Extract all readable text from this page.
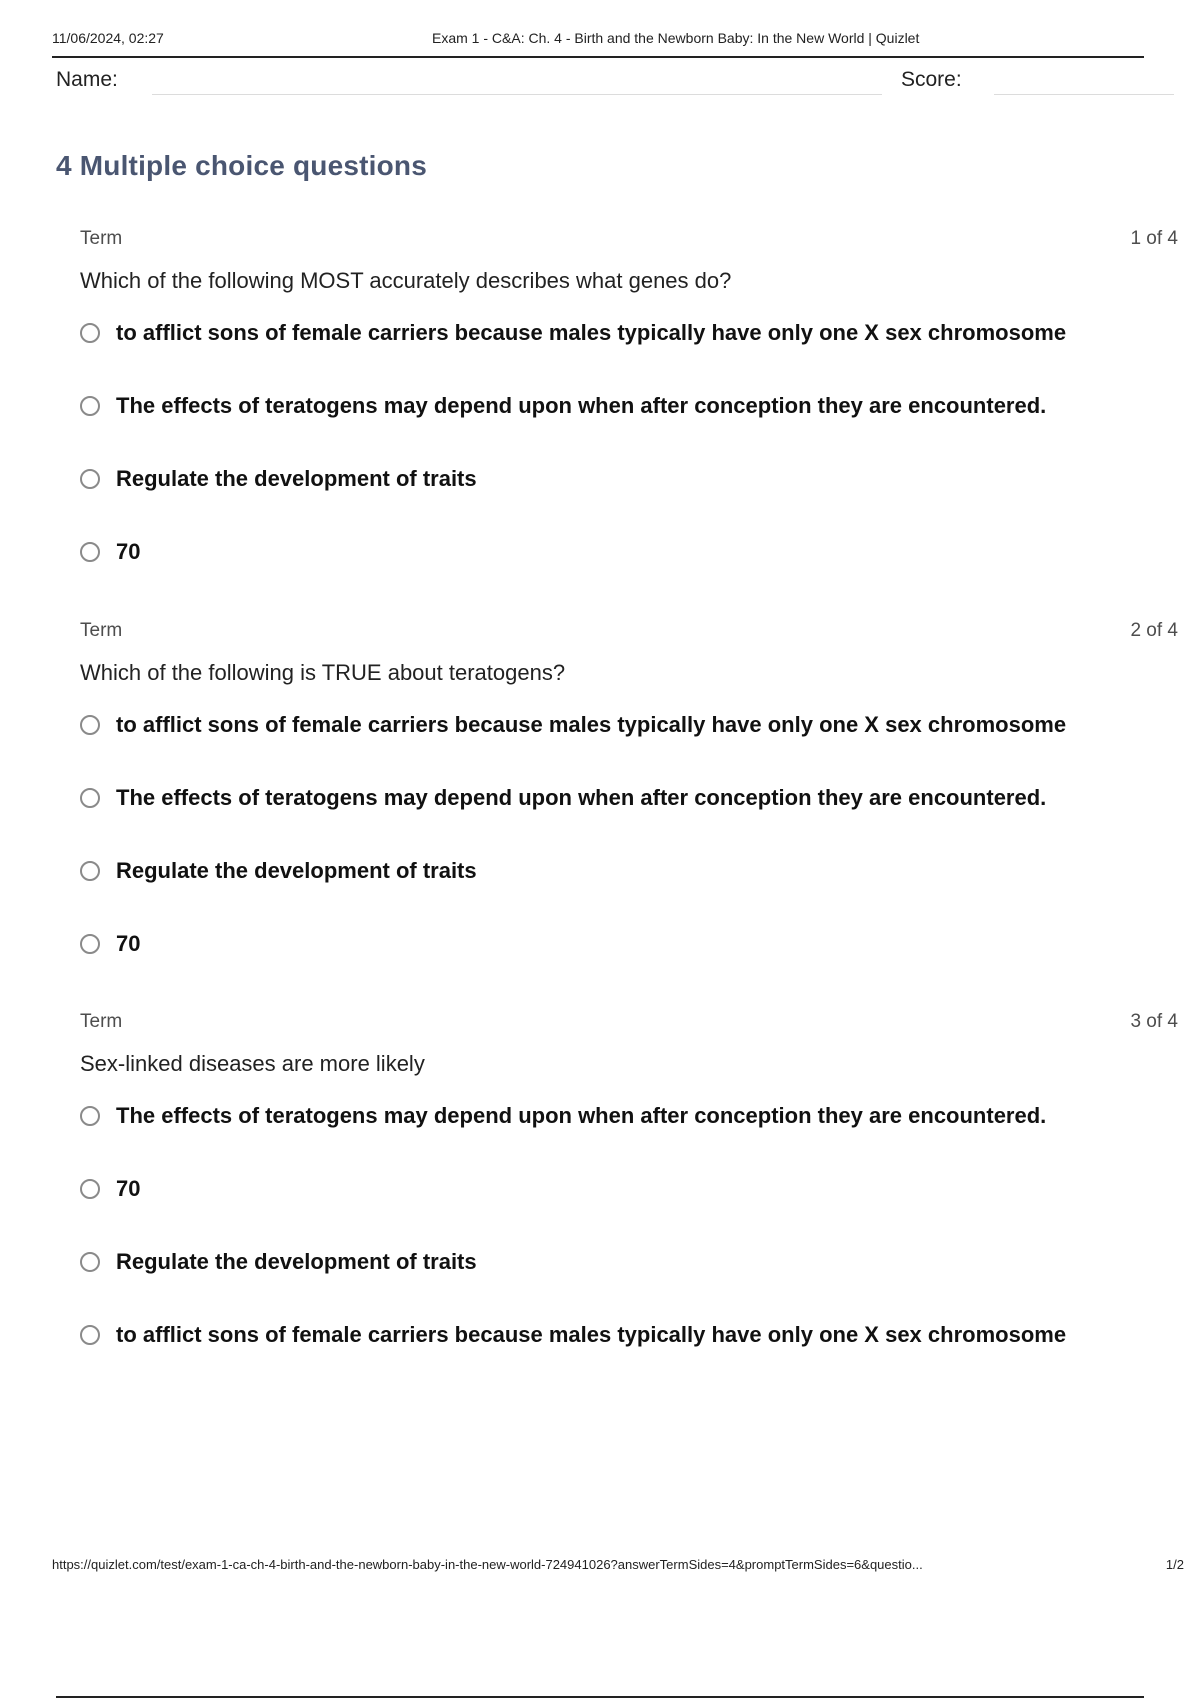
11/06/2024, 02:27	Exam 1 - C&A: Ch. 4 - Birth and the Newborn Baby: In the New World | Quizlet
Name:	Score:
4 Multiple choice questions
Term	1 of 4
Which of the following MOST accurately describes what genes do?
to afflict sons of female carriers because males typically have only one X sex chromosome
The effects of teratogens may depend upon when after conception they are encountered.
Regulate the development of traits
70
Term	2 of 4
Which of the following is TRUE about teratogens?
to afflict sons of female carriers because males typically have only one X sex chromosome
The effects of teratogens may depend upon when after conception they are encountered.
Regulate the development of traits
70
Term	3 of 4
Sex-linked diseases are more likely
The effects of teratogens may depend upon when after conception they are encountered.
70
Regulate the development of traits
to afflict sons of female carriers because males typically have only one X sex chromosome
https://quizlet.com/test/exam-1-ca-ch-4-birth-and-the-newborn-baby-in-the-new-world-724941026?answerTermSides=4&promptTermSides=6&questio...	1/2
